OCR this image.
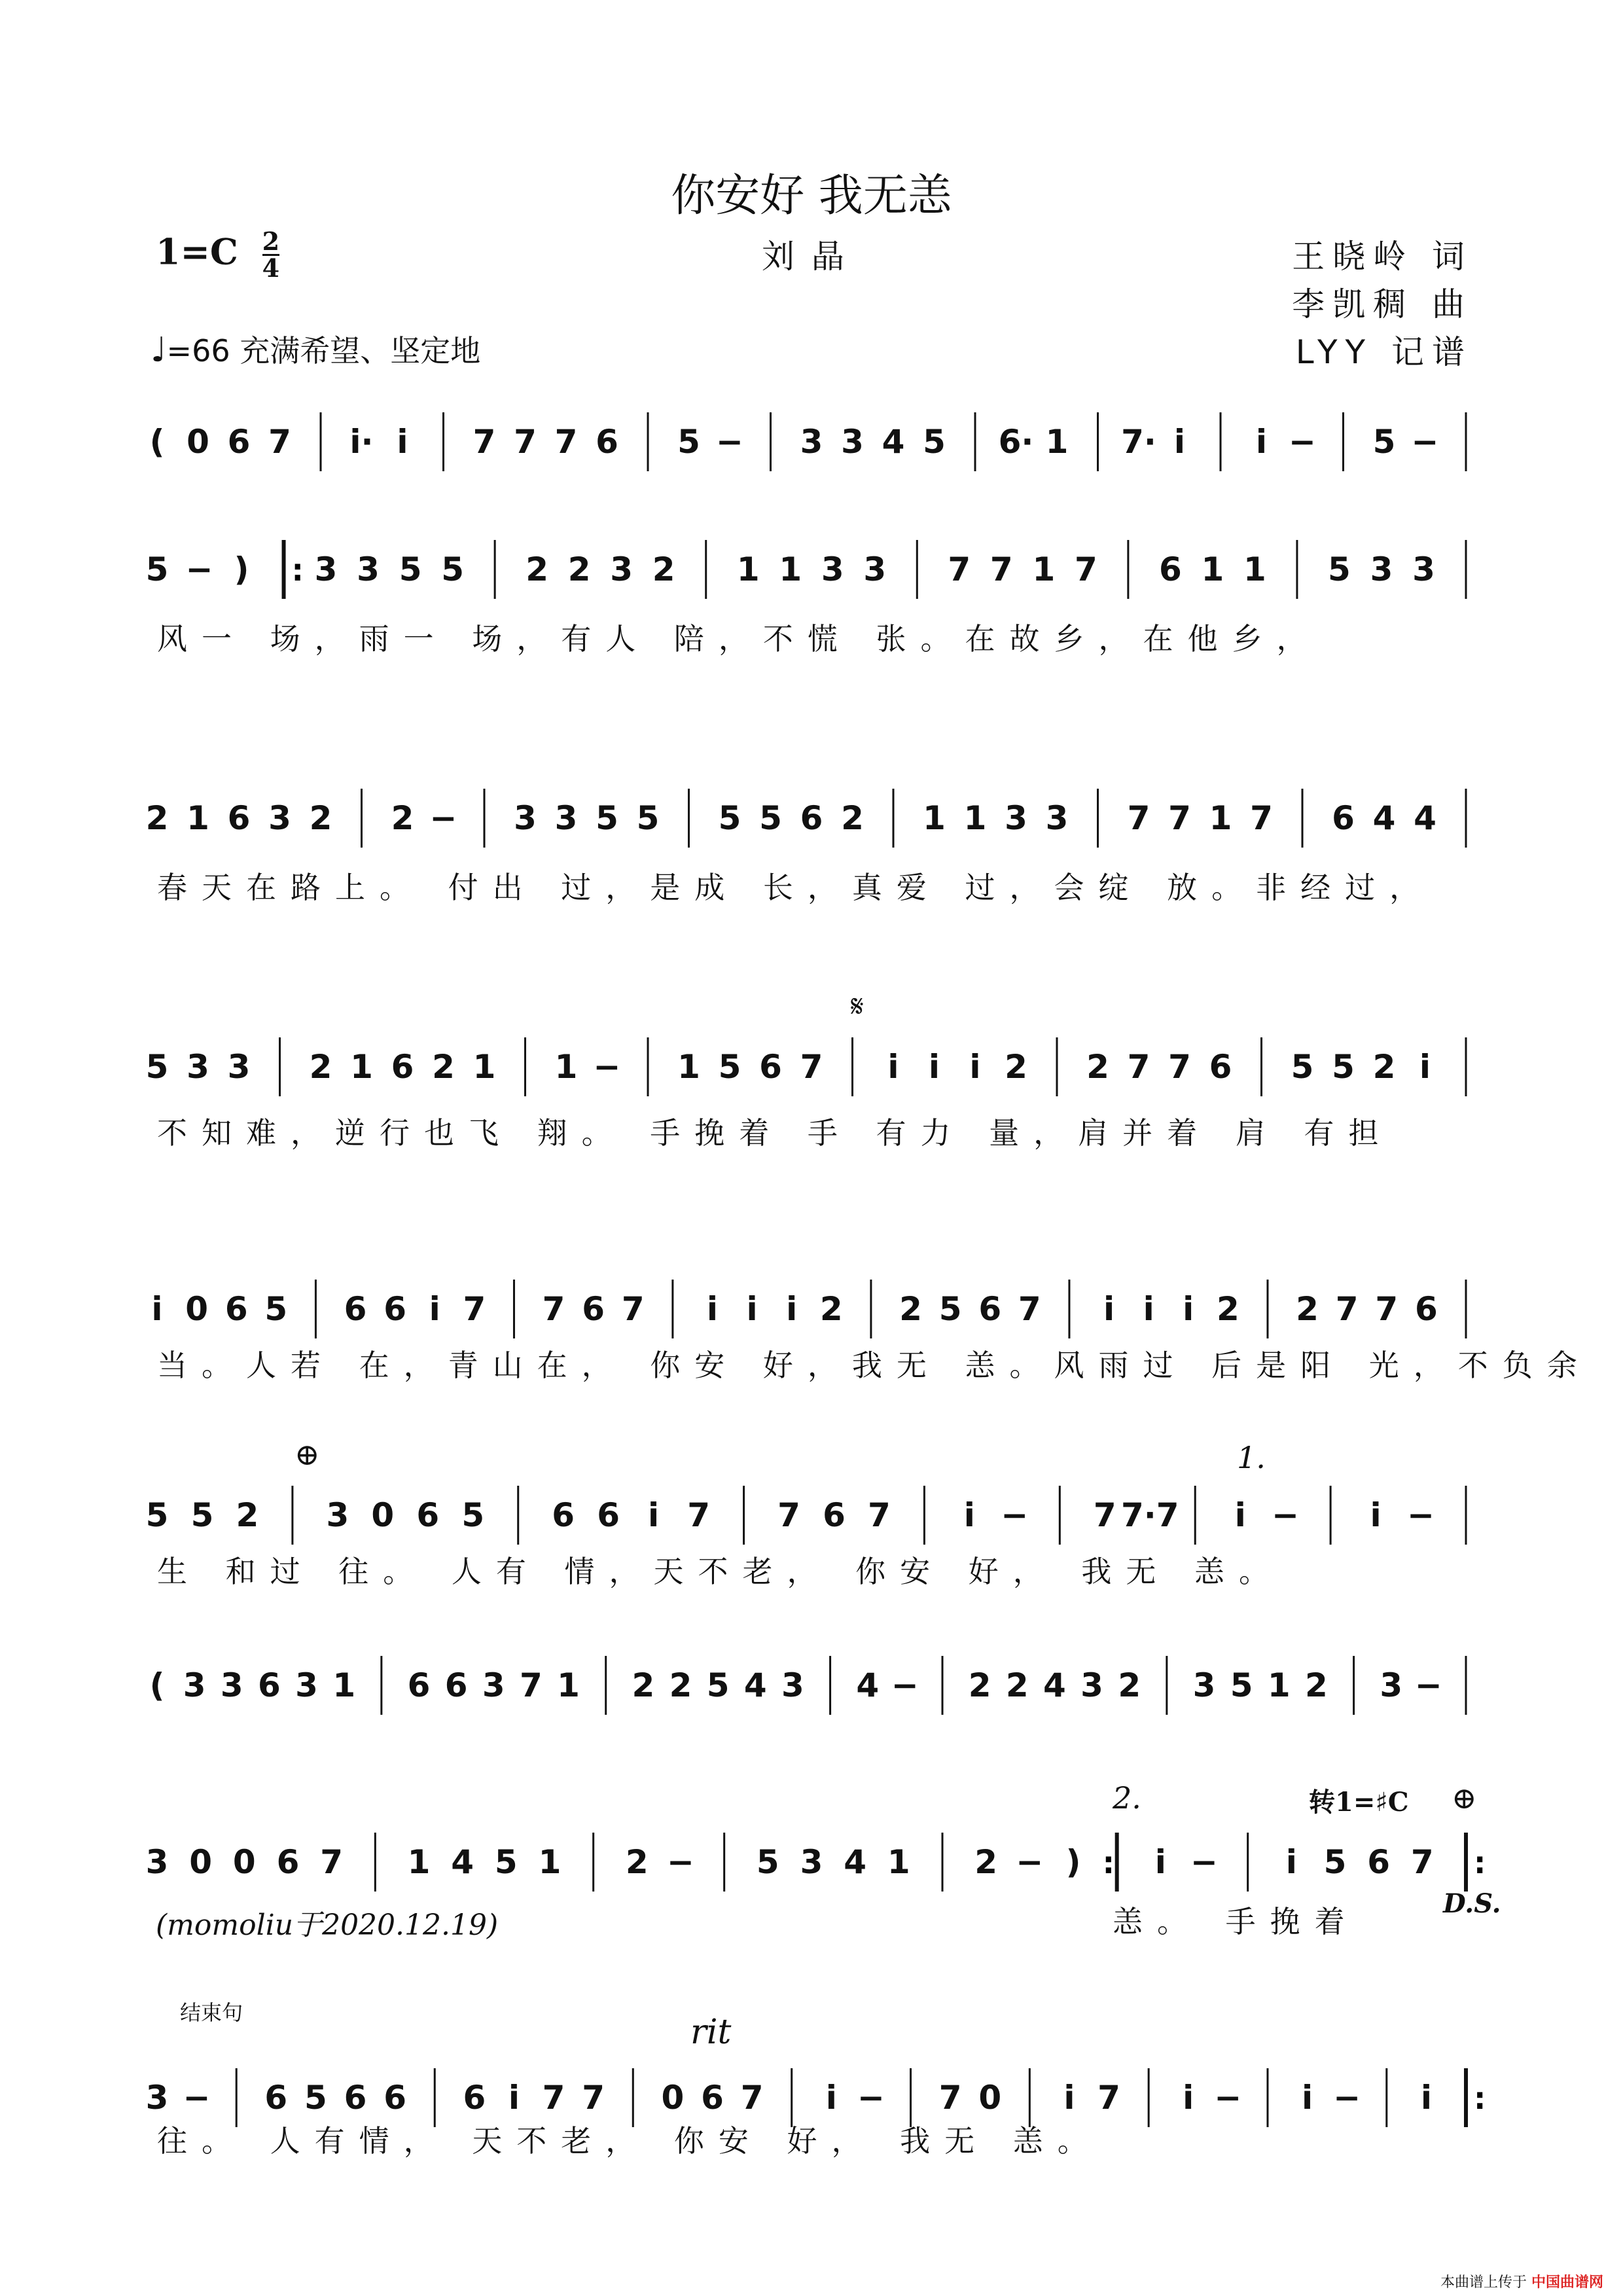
你安好 我无恙
刘晶
$1=C \frac{2}{4}$	王晓岭 词
李凯稠 曲
LYY 记谱
♩=66 充满希望、坚定地
( 0 6 7 i· i 7 7 7 6 5 − 3 3 4 5 6· 1 7· i i − 5 −
5 − ) : 3 3 5 5 2 2 3 2 1 1 3 3 7 7 1 7 6 1 1 5 3 3
风一 场，雨一 场，有人 陪，不慌 张。在故乡，在他乡，
2 1 6 3 2 2 − 3 3 5 5 5 5 6 2 1 1 3 3 7 7 1 7 6 4 4
春天在路上。 付出 过，是成 长，真爱 过，会绽 放。非经过，
5 3 3 2 1 6 2 1 1 − 1 5 6 7 i i i 2 2 7 7 6 5 5 2 i
不知难，逆行也飞 翔。 手挽着 手 有力 量，肩并着 肩 有担
i 0 6 5 6 6 i 7 7 6 7 i i i 2 2 5 6 7 i i i 2 2 7 7 6
当。人若 在，青山在， 你安 好，我无 恙。风雨过 后是阳 光，不负余
5 5 2 3 0 6 5 6 6 i 7 7 6 7 i − 7 7·7 i − i −
生 和过 往。 人有 情，天不老， 你安 好， 我无 恙。
( 3 3 6 3 1 6 6 3 7 1 2 2 5 4 3 4 − 2 2 4 3 2 3 5 1 2 3 −
3 0 0 6 7 1 4 5 1 2 − 5 3 4 1 2 − ) : i − i 5 6 7 :
恙。 手挽着
3 − 6 5 6 6 6 i 7 7 0 6 7 i − 7 0 i 7 i − i − i :
往。 人有情， 天不老， 你安 好， 我无 恙。
𝄋
⊕
⊕
1.
2.	转1=♯C
D.S.
结束句	rit
(momoliu于2020.12.19)
本曲谱上传于 中国曲谱网
